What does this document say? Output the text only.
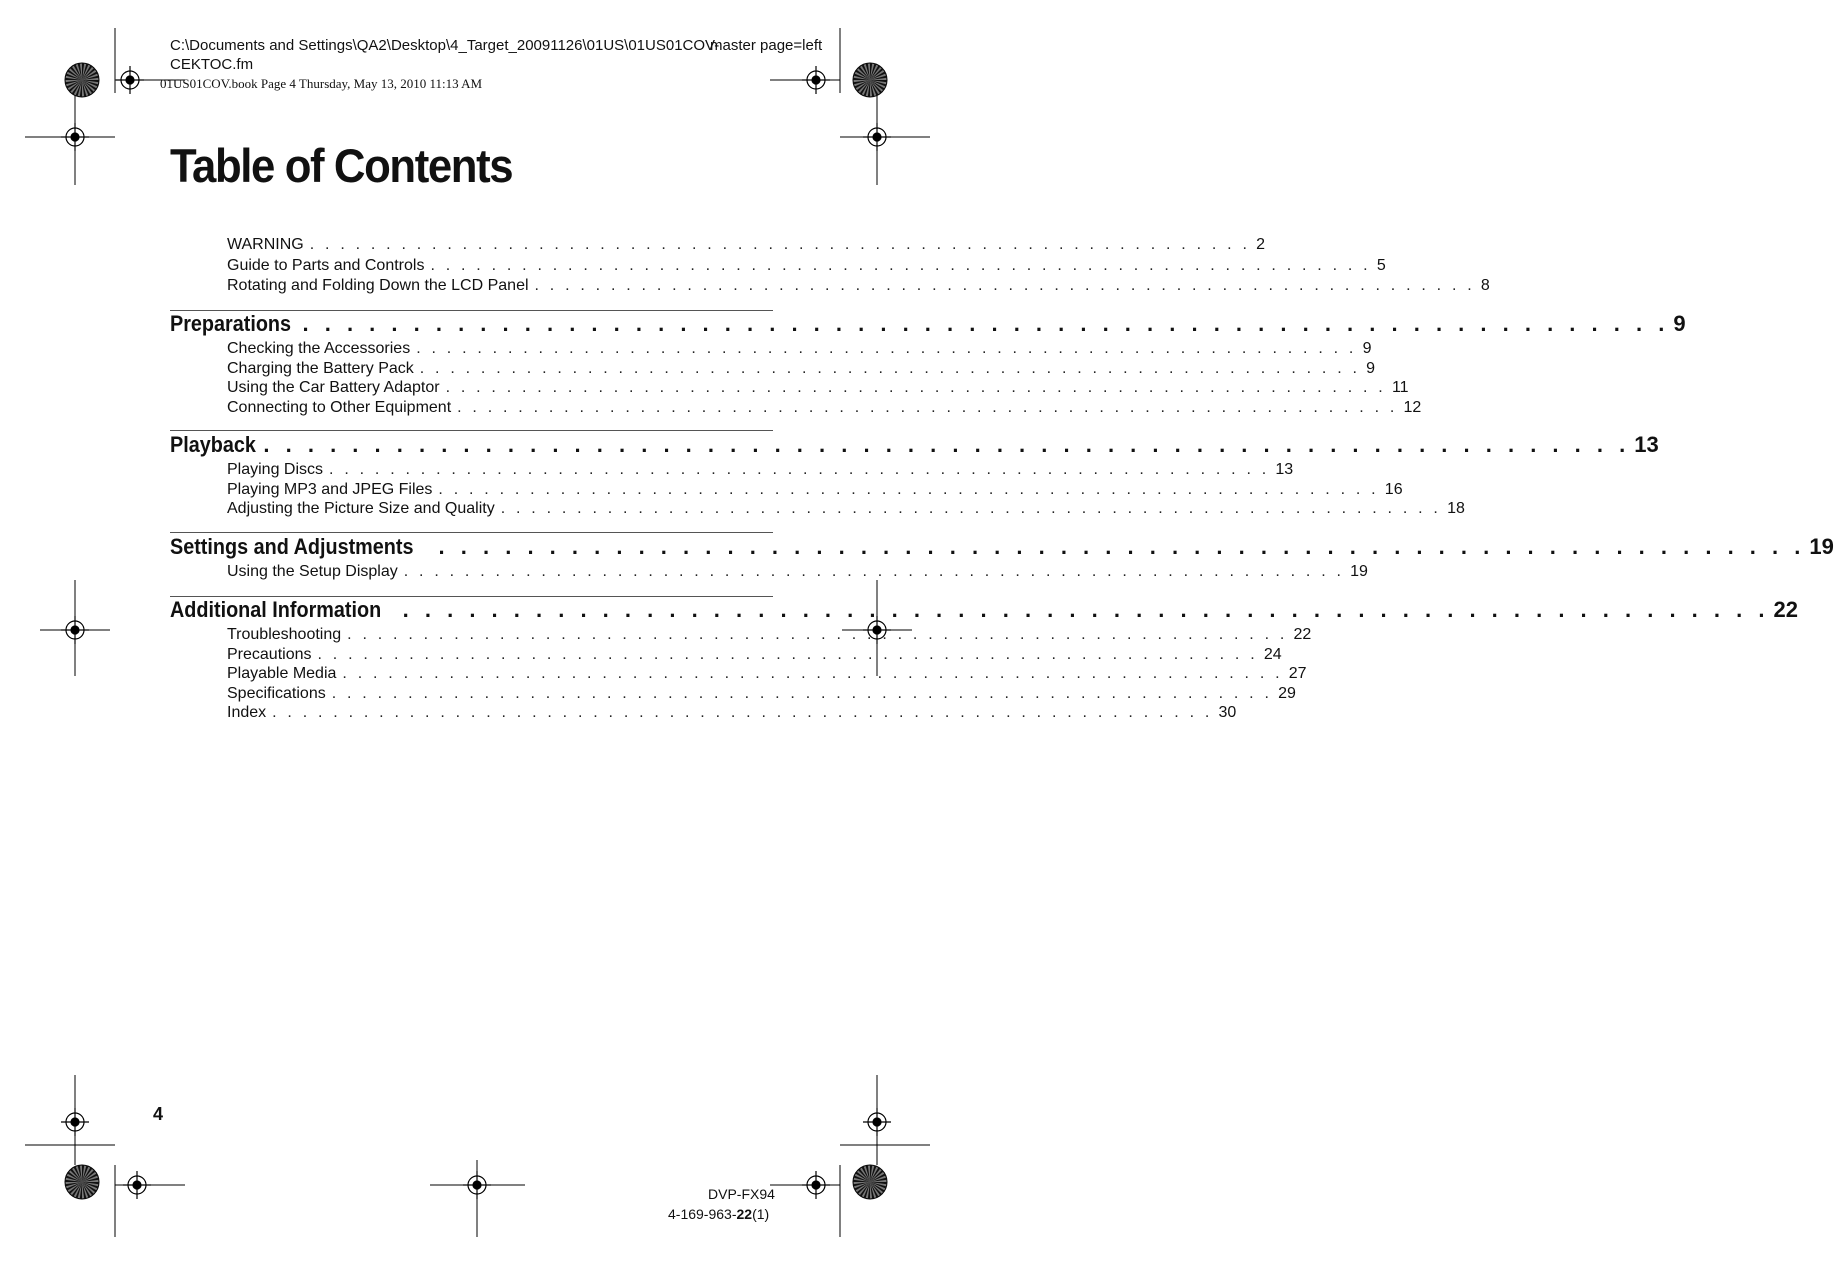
C:\Documents and Settings\QA2\Desktop\4_Target_20091126\01US\01US01COV-
CEKTOC.fm
master page=left
01US01COV.book Page 4 Thursday, May 13, 2010 11:13 AM
Table of Contents
WARNING . . . . . . . . . . . . . . . . . . . . . . . . . . . . . . . . . . . . . . . . . . . . . . . . . . . . . . . . . . . . . . 2
Guide to Parts and Controls . . . . . . . . . . . . . . . . . . . . . . . . . . . . . . . . . . . . . . . . . . . . . . . . . . . . . . . . . . . . . . 5
Rotating and Folding Down the LCD Panel . . . . . . . . . . . . . . . . . . . . . . . . . . . . . . . . . . . . . . . . . . . . . . . . . . . . . . . . . . . . . . 8
Preparations . . . . . . . . . . . . . . . . . . . . . . . . . . . . . . . . . . . . . . . . . . . . . . . . . . . . . . . . . . . . . . 9
Checking the Accessories . . . . . . . . . . . . . . . . . . . . . . . . . . . . . . . . . . . . . . . . . . . . . . . . . . . . . . . . . . . . . . 9
Charging the Battery Pack . . . . . . . . . . . . . . . . . . . . . . . . . . . . . . . . . . . . . . . . . . . . . . . . . . . . . . . . . . . . . . 9
Using the Car Battery Adaptor . . . . . . . . . . . . . . . . . . . . . . . . . . . . . . . . . . . . . . . . . . . . . . . . . . . . . . . . . . . . . . 11
Connecting to Other Equipment . . . . . . . . . . . . . . . . . . . . . . . . . . . . . . . . . . . . . . . . . . . . . . . . . . . . . . . . . . . . . . 12
Playback . . . . . . . . . . . . . . . . . . . . . . . . . . . . . . . . . . . . . . . . . . . . . . . . . . . . . . . . . . . . . . 13
Playing Discs . . . . . . . . . . . . . . . . . . . . . . . . . . . . . . . . . . . . . . . . . . . . . . . . . . . . . . . . . . . . . . 13
Playing MP3 and JPEG Files . . . . . . . . . . . . . . . . . . . . . . . . . . . . . . . . . . . . . . . . . . . . . . . . . . . . . . . . . . . . . . 16
Adjusting the Picture Size and Quality . . . . . . . . . . . . . . . . . . . . . . . . . . . . . . . . . . . . . . . . . . . . . . . . . . . . . . . . . . . . . . 18
Settings and Adjustments	. . . . . . . . . . . . . . . . . . . . . . . . . . . . . . . . . . . . . . . . . . . . . . . . . . . . . . . . . . . . . . 19
Using the Setup Display . . . . . . . . . . . . . . . . . . . . . . . . . . . . . . . . . . . . . . . . . . . . . . . . . . . . . . . . . . . . . . 19
Additional Information . . . . . . . . . . . . . . . . . . . . . . . . . . . . . . . . . . . . . . . . . . . . . . . . . . . . . . . . . . . . . . 22
Troubleshooting . . . . . . . . . . . . . . . . . . . . . . . . . . . . . . . . . . . . . . . . . . . . . . . . . . . . . . . . . . . . . . 22
Precautions . . . . . . . . . . . . . . . . . . . . . . . . . . . . . . . . . . . . . . . . . . . . . . . . . . . . . . . . . . . . . . 24
Playable Media . . . . . . . . . . . . . . . . . . . . . . . . . . . . . . . . . . . . . . . . . . . . . . . . . . . . . . . . . . . . . . 27
Specifications . . . . . . . . . . . . . . . . . . . . . . . . . . . . . . . . . . . . . . . . . . . . . . . . . . . . . . . . . . . . . . 29
Index . . . . . . . . . . . . . . . . . . . . . . . . . . . . . . . . . . . . . . . . . . . . . . . . . . . . . . . . . . . . . . 30
4
DVP-FX94
4-169-963-22(1)
